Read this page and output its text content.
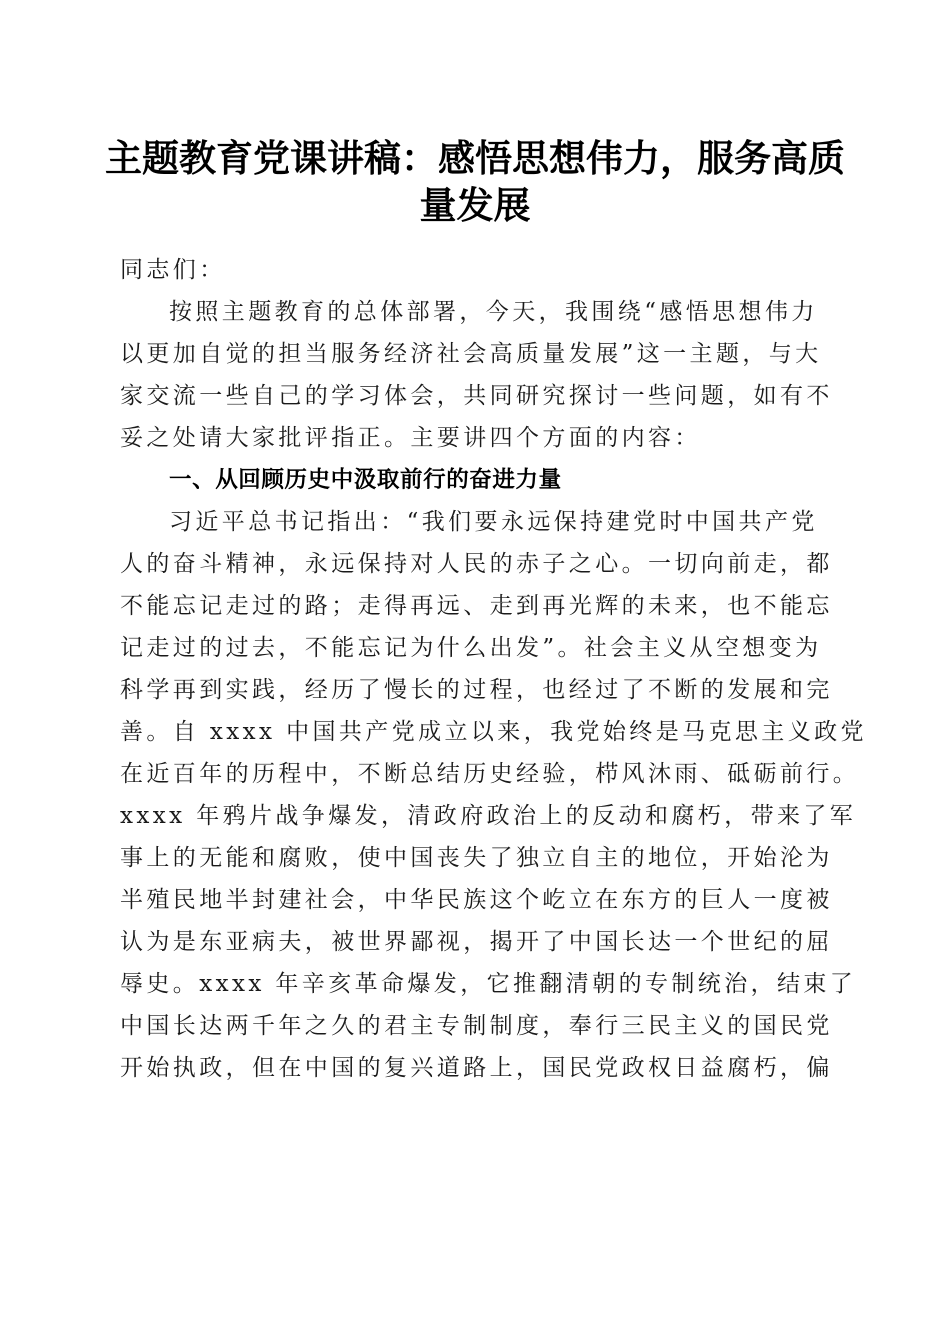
主题教育党课讲稿：感悟思想伟力，服务高质
量发展
同志们：
按照主题教育的总体部署，今天，我围绕“感悟思想伟力
以更加自觉的担当服务经济社会高质量发展”这一主题，与大
家交流一些自己的学习体会，共同研究探讨一些问题，如有不
妥之处请大家批评指正。主要讲四个方面的内容：
一、从回顾历史中汲取前行的奋进力量
习近平总书记指出：“我们要永远保持建党时中国共产党
人的奋斗精神，永远保持对人民的赤子之心。一切向前走，都
不能忘记走过的路；走得再远、走到再光辉的未来，也不能忘
记走过的过去，不能忘记为什么出发”。社会主义从空想变为
科学再到实践，经历了慢长的过程，也经过了不断的发展和完
善。自 xxxx 中国共产党成立以来，我党始终是马克思主义政党
在近百年的历程中，不断总结历史经验，栉风沐雨、砥砺前行。
xxxx 年鸦片战争爆发，清政府政治上的反动和腐朽，带来了军
事上的无能和腐败，使中国丧失了独立自主的地位，开始沦为
半殖民地半封建社会，中华民族这个屹立在东方的巨人一度被
认为是东亚病夫，被世界鄙视，揭开了中国长达一个世纪的屈
辱史。xxxx 年辛亥革命爆发，它推翻清朝的专制统治，结束了
中国长达两千年之久的君主专制制度，奉行三民主义的国民党
开始执政，但在中国的复兴道路上，国民党政权日益腐朽，偏
